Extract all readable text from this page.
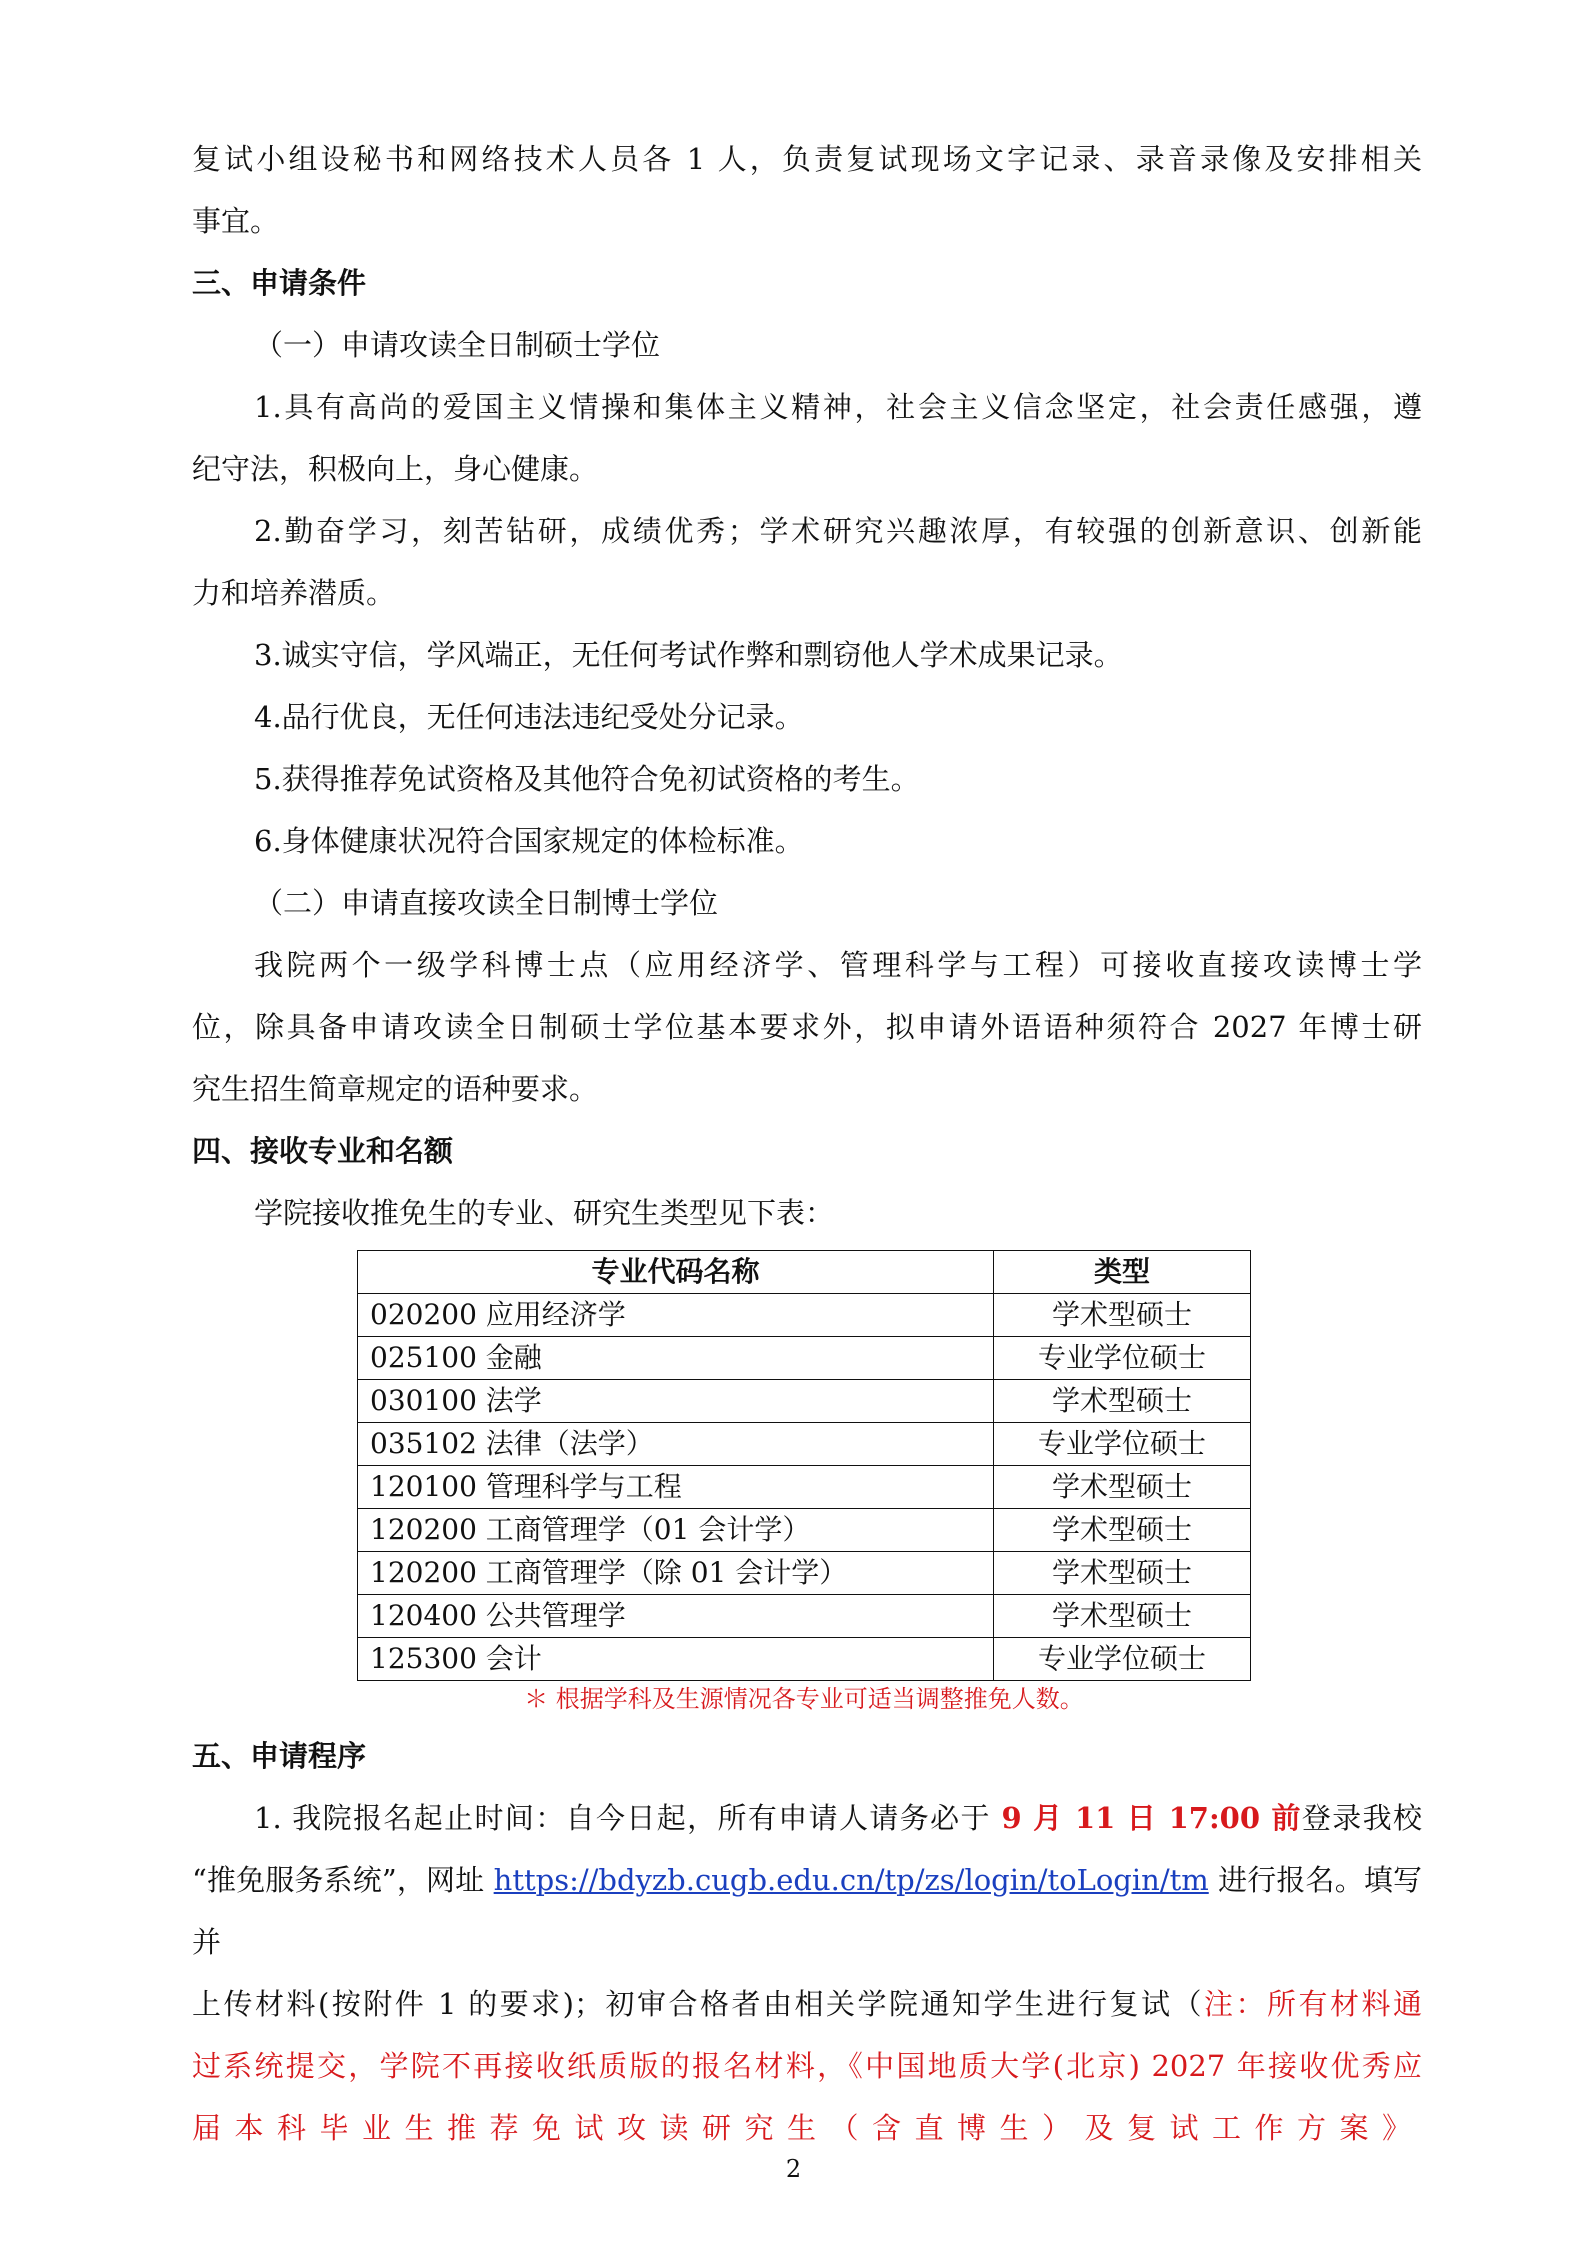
复试小组设秘书和网络技术人员各 1 人，负责复试现场文字记录、录音录像及安排相关

事宜。

三、申请条件

（一）申请攻读全日制硕士学位

1.具有高尚的爱国主义情操和集体主义精神，社会主义信念坚定，社会责任感强，遵

纪守法，积极向上，身心健康。

2.勤奋学习，刻苦钻研，成绩优秀；学术研究兴趣浓厚，有较强的创新意识、创新能

力和培养潜质。

3.诚实守信，学风端正，无任何考试作弊和剽窃他人学术成果记录。

4.品行优良，无任何违法违纪受处分记录。

5.获得推荐免试资格及其他符合免初试资格的考生。

6.身体健康状况符合国家规定的体检标准。

（二）申请直接攻读全日制博士学位

我院两个一级学科博士点（应用经济学、管理科学与工程）可接收直接攻读博士学

位，除具备申请攻读全日制硕士学位基本要求外，拟申请外语语种须符合 2027 年博士研

究生招生简章规定的语种要求。

四、接收专业和名额

学院接收推免生的专业、研究生类型见下表：

专业代码名称	类型
020200 应用经济学	学术型硕士
025100 金融	专业学位硕士
030100 法学	学术型硕士
035102 法律（法学）	专业学位硕士
120100 管理科学与工程	学术型硕士
120200 工商管理学（01 会计学）	学术型硕士
120200 工商管理学（除 01 会计学）	学术型硕士
120400 公共管理学	学术型硕士
125300 会计	专业学位硕士
＊ 根据学科及生源情况各专业可适当调整推免人数。

五、申请程序

1. 我院报名起止时间：自今日起，所有申请人请务必于 9 月 11 日 17:00 前登录我校

“推免服务系统”，网址 https://bdyzb.cugb.edu.cn/tp/zs/login/toLogin/tm 进行报名。填写并

上传材料(按附件 1 的要求)；初审合格者由相关学院通知学生进行复试（注：所有材料通

过系统提交，学院不再接收纸质版的报名材料，《中国地质大学(北京) 2027 年接收优秀应

届本科毕业生推荐免试攻读研究生（含直博生）及复试工作方案》

2
